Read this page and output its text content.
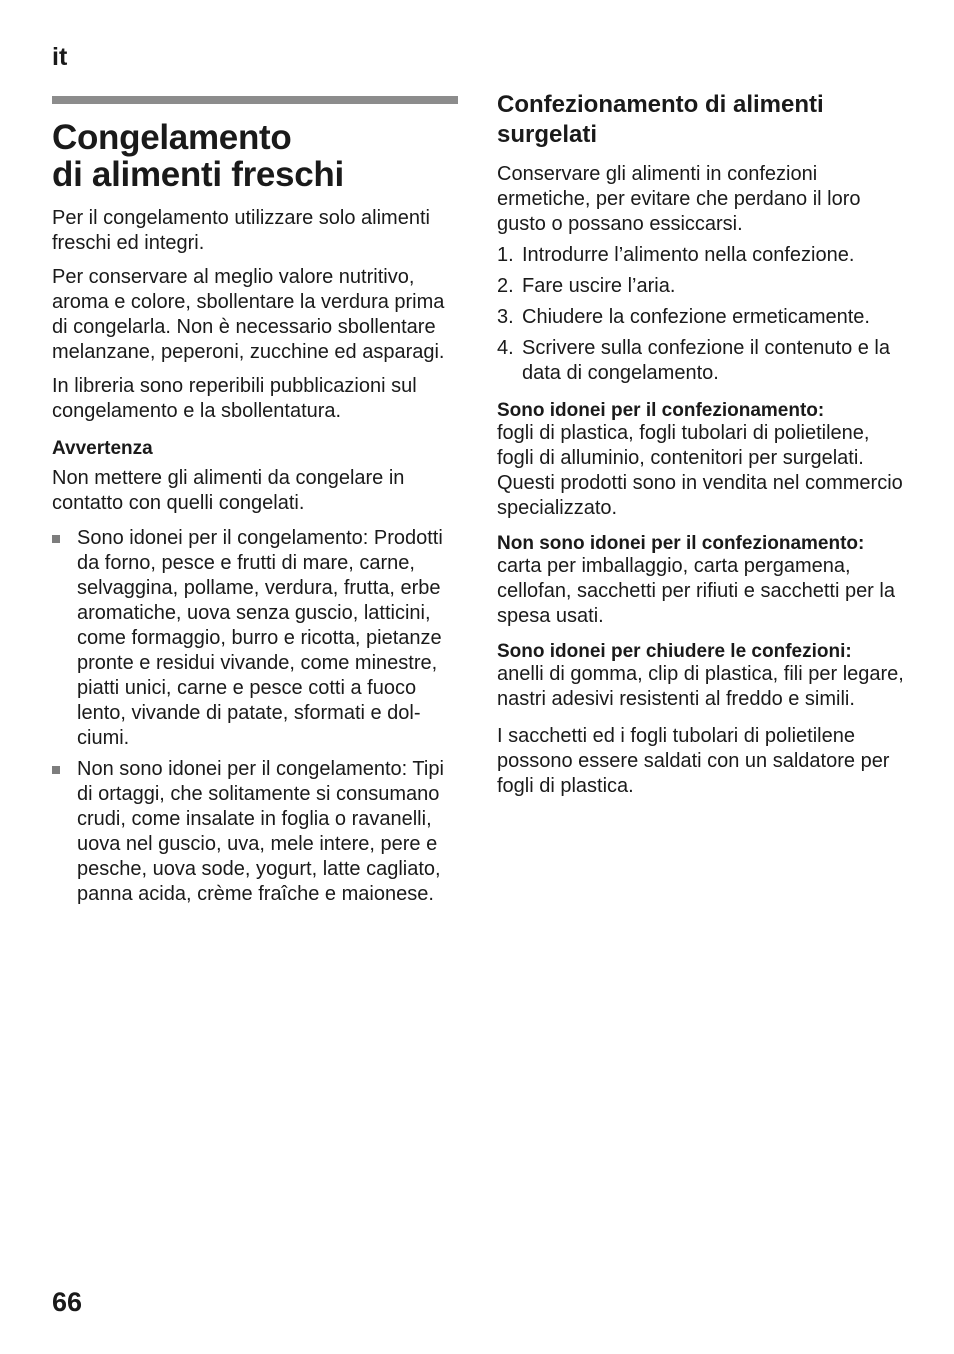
it
Congelamento
di alimenti freschi

Per il congelamento utilizzare solo alimenti freschi ed integri.

Per conservare al meglio valore nutritivo, aroma e colore, sbollentare la verdura prima di congelarla. Non è necessario sbollentare melanzane, peperoni, zucchine ed asparagi.

In libreria sono reperibili pubblicazioni sul congelamento e la sbollentatura.

Avvertenza

Non mettere gli alimenti da congelare in contatto con quelli congelati.

Sono idonei per il congelamento: Prodotti da forno, pesce e frutti di mare, carne, selvaggina, pollame, verdura, frutta, erbe aromatiche, uova senza guscio, latticini, come formaggio, burro e ricotta, pietanze pronte e residui vivande, come minestre, piatti unici, carne e pesce cotti a fuoco lento, vivande di patate, sformati e dolciumi.
Non sono idonei per il congelamento: Tipi di ortaggi, che solitamente si consumano crudi, come insalate in foglia o ravanelli, uova nel guscio, uva, mele intere, pere e pesche, uova sode, yogurt, latte cagliato, panna acida, crème fraîche e maionese.
Confezionamento di alimenti surgelati

Conservare gli alimenti in confezioni ermetiche, per evitare che perdano il loro gusto o possano essiccarsi.

1. Introdurre l’alimento nella confezione.
2. Fare uscire l’aria.
3. Chiudere la confezione ermeticamente.
4. Scrivere sulla confezione il contenuto e la data di congelamento.
Sono idonei per il confezionamento:

fogli di plastica, fogli tubolari di polietilene, fogli di alluminio, contenitori per surgelati.

Questi prodotti sono in vendita nel commercio specializzato.

Non sono idonei per il confezionamento:

carta per imballaggio, carta pergamena, cellofan, sacchetti per rifiuti e sacchetti per la spesa usati.

Sono idonei per chiudere le confezioni:

anelli di gomma, clip di plastica, fili per legare, nastri adesivi resistenti al freddo e simili.

I sacchetti ed i fogli tubolari di polietilene possono essere saldati con un saldatore per fogli di plastica.

66
